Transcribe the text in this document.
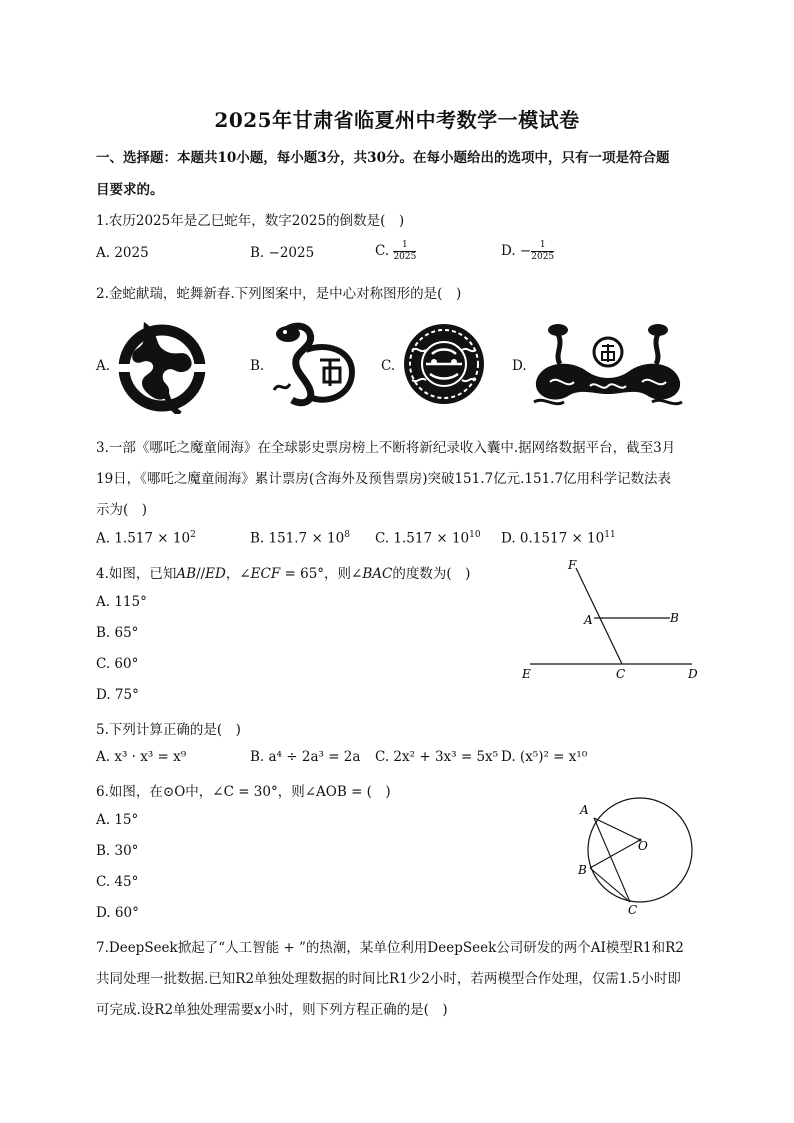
2025年甘肃省临夏州中考数学一模试卷
一、选择题：本题共10小题，每小题3分，共30分。在每小题给出的选项中，只有一项是符合题
目要求的。
1.农历2025年是乙巳蛇年，数字2025的倒数是(　)
A. 2025	B. −2025	C. $\frac{1}{2025}$	D. − $\frac{1}{2025}$
2.金蛇献瑞，蛇舞新春.下列图案中，是中心对称图形的是(　)
A.	B.	C.	D.
3.一部《哪吒之魔童闹海》在全球影史票房榜上不断将新纪录收入囊中.据网络数据平台，截至3月
19日，《哪吒之魔童闹海》累计票房(含海外及预售票房)突破151.7亿元.151.7亿用科学记数法表
示为(　)
A. $1.517 \times 10^2$	B. $151.7 \times 10^8$ C. $1.517 \times 10^{10}$ D. $0.1517 \times 10^{11}$
4.如图，已知AB//ED，∠ECF = 65°，则∠BAC的度数为(　)
A. 115°
B. 65°
C. 60°
D. 75°
F
A	B
E	C	D
5.下列计算正确的是(　)
A. x³ · x³ = x⁹	B. a⁴ ÷ 2a³ = 2a C. 2x² + 3x³ = 5x⁵ D. (x⁵)² = x¹⁰
6.如图，在⊙O中，∠C = 30°，则∠AOB = (　)
A. 15°
B. 30°
C. 45°
D. 60°
A
B
C
O
7.DeepSeek掀起了“人工智能 + ”的热潮，某单位利用DeepSeek公司研发的两个AI模型R1和R2
共同处理一批数据.已知R2单独处理数据的时间比R1少2小时，若两模型合作处理，仅需1.5小时即
可完成.设R2单独处理需要x小时，则下列方程正确的是(　)
